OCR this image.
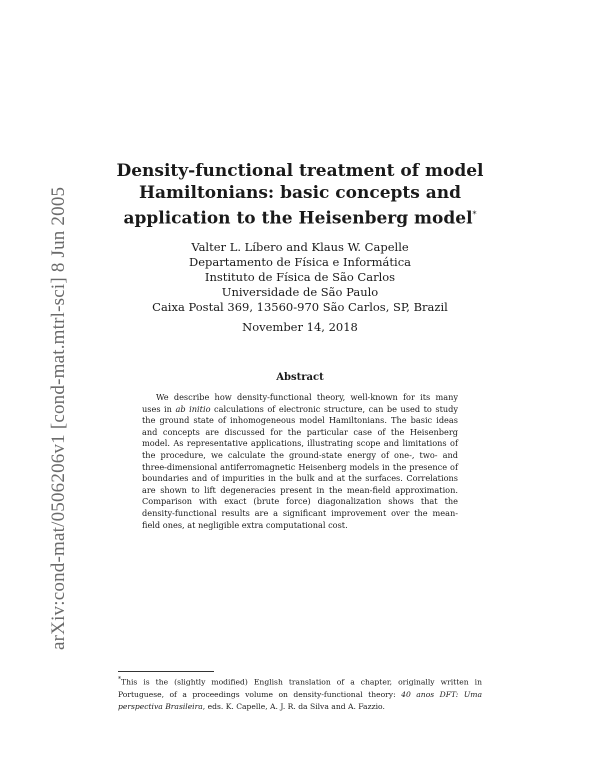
arXiv:cond-mat/0506206v1 [cond-mat.mtrl-sci] 8 Jun 2005
Density-functional treatment of model
Hamiltonians: basic concepts and
application to the Heisenberg model*
Valter L. Líbero and Klaus W. Capelle
Departamento de Física e Informática
Instituto de Física de São Carlos
Universidade de São Paulo
Caixa Postal 369, 13560-970 São Carlos, SP, Brazil
November 14, 2018
Abstract

We describe how density-functional theory, well-known for its many uses in ab initio calculations of electronic structure, can be used to study the ground state of inhomogeneous model Hamiltonians. The basic ideas and concepts are discussed for the particular case of the Heisenberg model. As representative applications, illustrating scope and limitations of the procedure, we calculate the ground-state energy of one-, two- and three-dimensional antiferromagnetic Heisenberg models in the presence of boundaries and of impurities in the bulk and at the surfaces. Correlations are shown to lift degeneracies present in the mean-field approximation. Comparison with exact (brute force) diagonalization shows that the density-functional results are a significant improvement over the mean-field ones, at negligible extra computational cost.

*This is the (slightly modified) English translation of a chapter, originally written in Portuguese, of a proceedings volume on density-functional theory: 40 anos DFT: Uma perspectiva Brasileira, eds. K. Capelle, A. J. R. da Silva and A. Fazzio.
